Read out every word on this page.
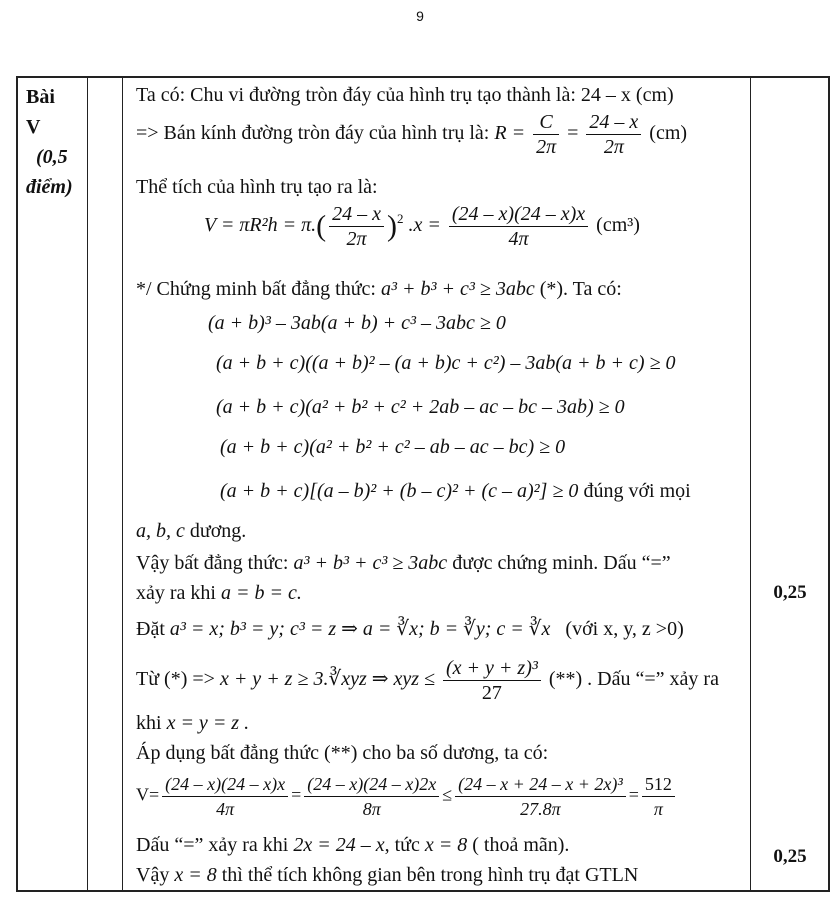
9
Bài
V
(0,5
điểm)
Ta có: Chu vi đường tròn đáy của hình trụ tạo thành là: 24 – x (cm)
=> Bán kính đường tròn đáy của hình trụ là: $R = \frac{C}{2\pi} = \frac{24 - x}{2\pi} (cm)$
Thể tích của hình trụ tạo ra là:
$V = \pi R^2h = \pi.( \frac{24 - x}{2\pi} )^2$ $.x = \frac{(24 - x)(24 - x)x}{4\pi} (cm^3)$
*/ Chứng minh bất đẳng thức: a³ + b³ + c³ ≥ 3abc (*). Ta có:
(a + b)³ – 3ab(a + b) + c³ – 3abc ≥ 0
(a + b + c)((a + b)² – (a + b)c + c²) – 3ab(a + b + c) ≥ 0
(a + b + c)(a² + b² + c² + 2ab – ac – bc – 3ab) ≥ 0
(a + b + c)(a² + b² + c² – ab – ac – bc) ≥ 0
(a + b + c)[(a – b)² + (b – c)² + (c – a)²] ≥ 0 đúng với mọi
a, b, c dương.
Vậy bất đẳng thức: a³ + b³ + c³ ≥ 3abc được chứng minh. Dấu “=”
xảy ra khi a = b = c.
Đặt a³ = x; b³ = y; c³ = z ⇒ a = ∛x; b = ∛y; c = ∛x (với x, y, z >0)
Từ (*) => x + y + z ≥ 3.∛xyz ⇒ xyz ≤ $\frac{\text{(x + y + z)³}}{27}$ (**) . Dấu “=” xảy ra
khi x = y = z .
Áp dụng bất đẳng thức (**) cho ba số dương, ta có:
$V= \frac{(24 - x)(24 - x)x}{4\pi} = \frac{(24 - x)(24 - x)2x}{8\pi} \le \frac{\text{(24 – x + 24 – x + 2x)³}}{27.8\pi} = \frac{512}{\pi}$
Dấu “=” xảy ra khi 2x = 24 – x, tức x = 8 ( thoả mãn).
Vậy x = 8 thì thể tích không gian bên trong hình trụ đạt GTLN
0,25
0,25
